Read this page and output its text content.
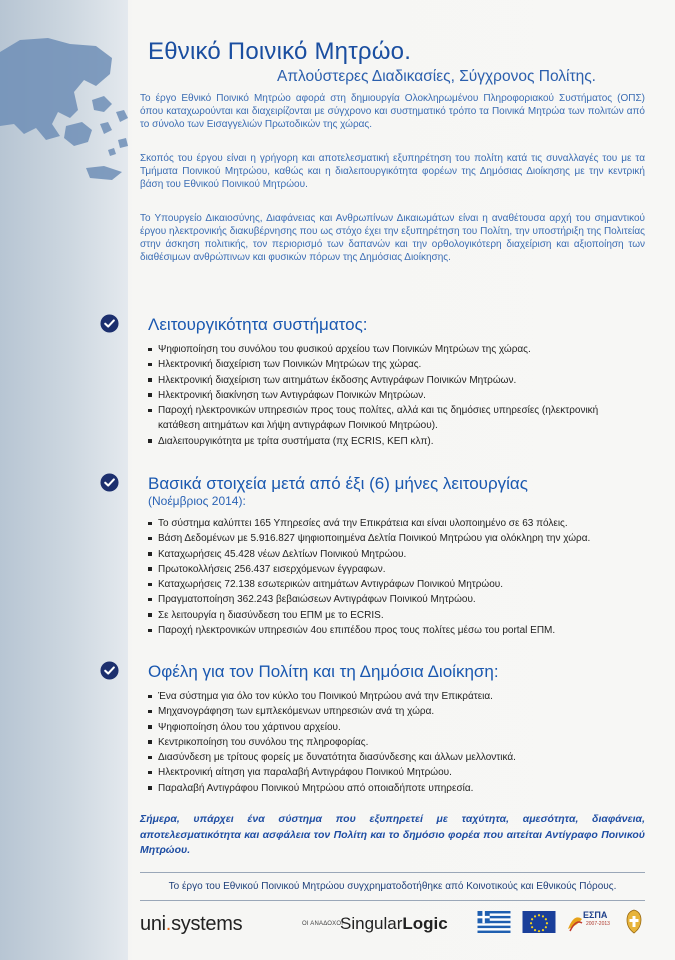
Εθνικό Ποινικό Μητρώο.
Απλούστερες Διαδικασίες, Σύγχρονος Πολίτης.

Το έργο Εθνικό Ποινικό Μητρώο αφορά στη δημιουργία Ολοκληρωμένου Πληροφοριακού Συστήματος (ΟΠΣ) όπου καταχωρούνται και διαχειρίζονται με σύγχρονο και συστηματικό τρόπο τα Ποινικά Μητρώα των πολιτών από το σύνολο των Εισαγγελιών Πρωτοδικών της χώρας.

Σκοπός του έργου είναι η γρήγορη και αποτελεσματική εξυπηρέτηση του πολίτη κατά τις συναλλαγές του με τα Τμήματα Ποινικού Μητρώου, καθώς και η διαλειτουργικότητα φορέων της Δημόσιας Διοίκησης με την κεντρική βάση του Εθνικού Ποινικού Μητρώου.

Το Υπουργείο Δικαιοσύνης, Διαφάνειας και Ανθρωπίνων Δικαιωμάτων είναι η αναθέτουσα αρχή του σημαντικού έργου ηλεκτρονικής διακυβέρνησης που ως στόχο έχει την εξυπηρέτηση του Πολίτη, την υποστήριξη της Πολιτείας στην άσκηση πολιτικής, τον περιορισμό των δαπανών και την ορθολογικότερη διαχείριση και αξιοποίηση των διαθέσιμων ανθρώπινων και φυσικών πόρων της Δημόσιας Διοίκησης.

Λειτουργικότητα συστήματος:
Ψηφιοποίηση του συνόλου του φυσικού αρχείου των Ποινικών Μητρώων της χώρας.
Ηλεκτρονική διαχείριση των Ποινικών Μητρώων της χώρας.
Ηλεκτρονική διαχείριση των αιτημάτων έκδοσης Αντιγράφων Ποινικών Μητρώων.
Ηλεκτρονική διακίνηση των Αντιγράφων Ποινικών Μητρώων.
Παροχή ηλεκτρονικών υπηρεσιών προς τους πολίτες, αλλά και τις δημόσιες υπηρεσίες (ηλεκτρονική κατάθεση αιτημάτων και λήψη αντιγράφων Ποινικού Μητρώου).
Διαλειτουργικότητα με τρίτα συστήματα (πχ ECRIS, ΚΕΠ κλπ).
Βασικά στοιχεία μετά από έξι (6) μήνες λειτουργίας
(Νοέμβριος 2014):
Το σύστημα καλύπτει 165 Υπηρεσίες ανά την Επικράτεια και είναι υλοποιημένο σε 63 πόλεις.
Βάση Δεδομένων με 5.916.827 ψηφιοποιημένα Δελτία Ποινικού Μητρώου για ολόκληρη την χώρα.
Καταχωρήσεις 45.428 νέων Δελτίων Ποινικού Μητρώου.
Πρωτοκολλήσεις 256.437 εισερχόμενων έγγραφων.
Καταχωρήσεις 72.138 εσωτερικών αιτημάτων Αντιγράφων Ποινικού Μητρώου.
Πραγματοποίηση 362.243 βεβαιώσεων Αντιγράφων Ποινικού Μητρώου.
Σε λειτουργία η διασύνδεση του ΕΠΜ με το ECRIS.
Παροχή ηλεκτρονικών υπηρεσιών 4ου επιπέδου προς τους πολίτες μέσω του portal ΕΠΜ.
Οφέλη για τον Πολίτη και τη Δημόσια Διοίκηση:
Ένα σύστημα για όλο τον κύκλο του Ποινικού Μητρώου ανά την Επικράτεια.
Μηχανογράφηση των εμπλεκόμενων υπηρεσιών ανά τη χώρα.
Ψηφιοποίηση όλου του χάρτινου αρχείου.
Κεντρικοποίηση του συνόλου της πληροφορίας.
Διασύνδεση με τρίτους φορείς με δυνατότητα διασύνδεσης και άλλων μελλοντικά.
Ηλεκτρονική αίτηση για παραλαβή Αντιγράφου Ποινικού Μητρώου.
Παραλαβή Αντιγράφου Ποινικού Μητρώου από οποιαδήποτε υπηρεσία.

Σήμερα, υπάρχει ένα σύστημα που εξυπηρετεί με ταχύτητα, αμεσότητα, διαφάνεια, αποτελεσματικότητα και ασφάλεια τον Πολίτη και το δημόσιο φορέα που αιτείται Αντίγραφο Ποινικού Μητρώου.

Το έργο του Εθνικού Ποινικού Μητρώου συγχρηματοδοτήθηκε από Κοινοτικούς και Εθνικούς Πόρους.
uni.systems	ΟΙ ΑΝΑΔΟΧΟΙ
SingularLogic	ΕΣΠΑ
2007-2013
